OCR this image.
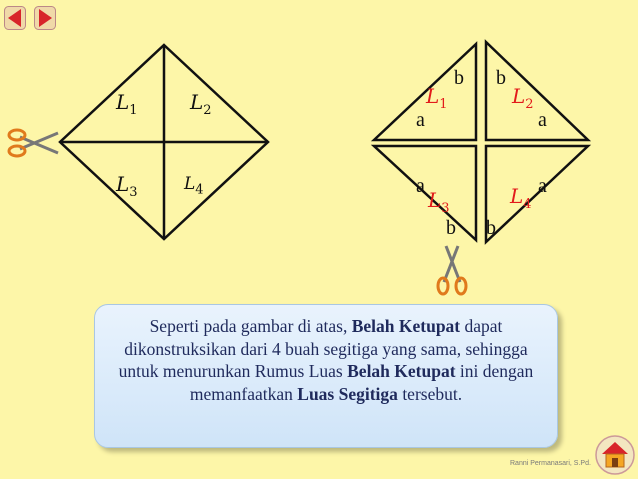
$L_1$	$L_2$
$L_3$	$L_4$
$L_1$	$L_2$
$L_3$
$L_4$
b b
a	a
a	a
b b
Seperti pada gambar di atas, Belah Ketupat dapat dikonstruksikan dari 4 buah segitiga yang sama, sehingga untuk menurunkan Rumus Luas Belah Ketupat ini dengan memanfaatkan Luas Segitiga tersebut.
Ranni Permanasari, S.Pd.
